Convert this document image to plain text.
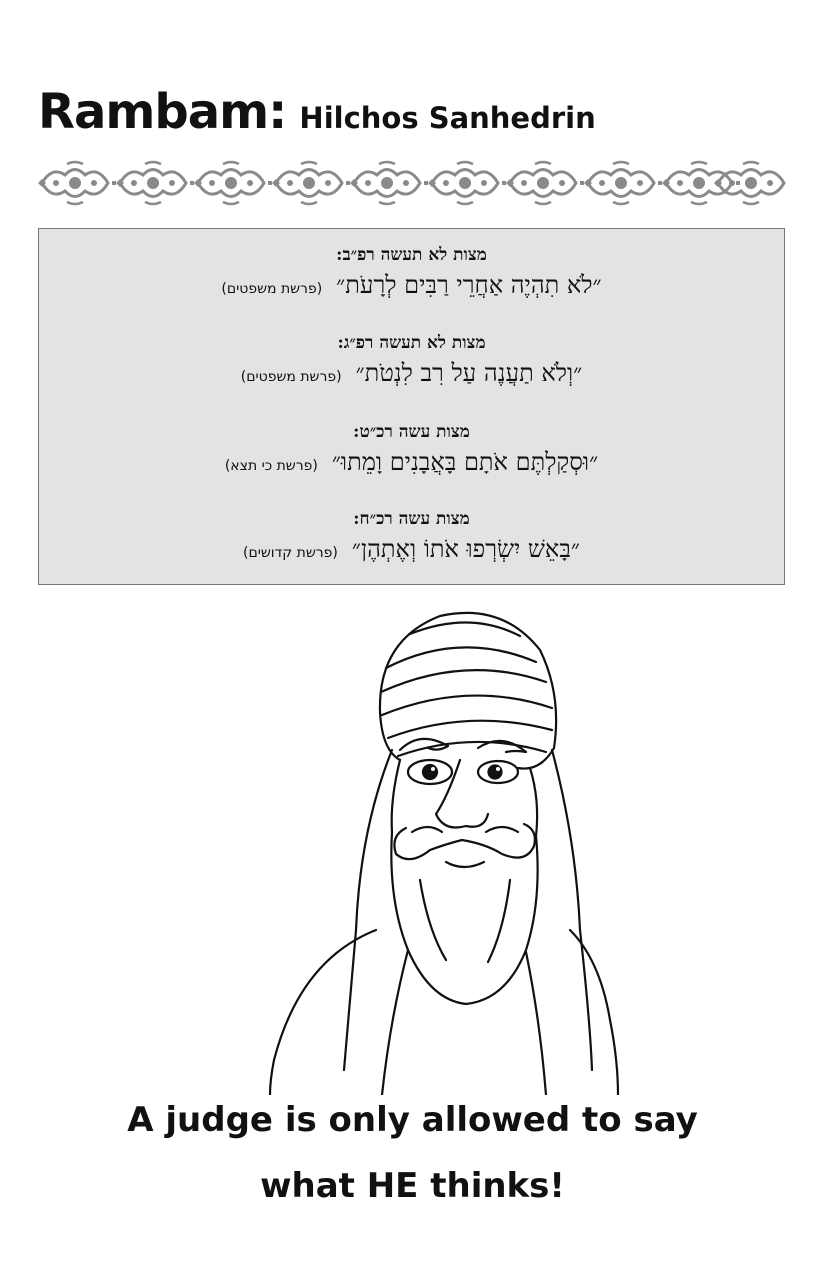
Rambam: Hilchos Sanhedrin
מצות לא תעשה רפ״ב:
״לֹא תִהְיֶה אַחֲרֵי רַבִּים לְרָעֹת״(פרשת משפטים)
מצות לא תעשה רפ״ג:
״וְלֹא תַעֲנֶה עַל רִב לִנְטֹת״(פרשת משפטים)
מצות עשה רכ״ט:
״וּסְקַלְתֶּם אֹתָם בָּאֲבָנִים וָמֵתוּ״(פרשת כי תצא)
מצות עשה רכ״ח:
״בָּאֵשׁ יִשְׂרְפוּ אֹתוֹ וְאֶתְהֶן״(פרשת קדושים)
A judge is only allowed to say
what HE thinks!
